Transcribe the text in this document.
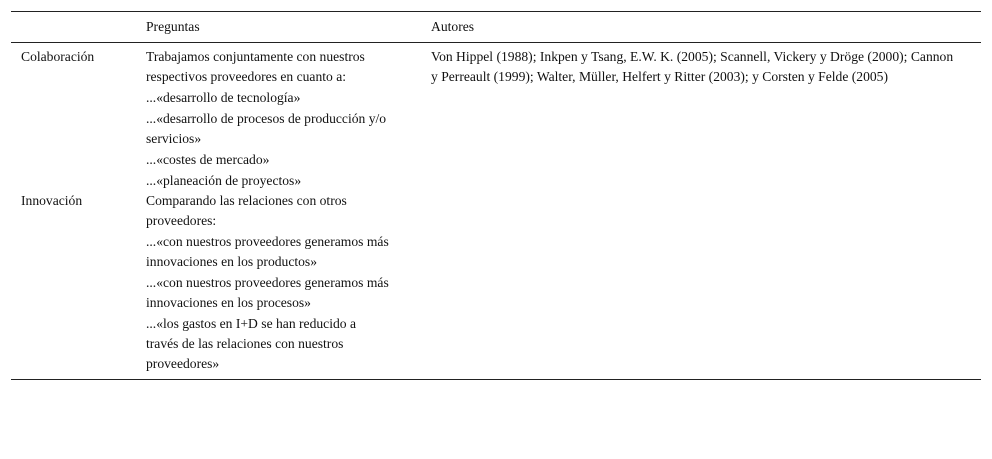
	Preguntas	Autores
Colaboración	Trabajamos conjuntamente con nuestros respectivos proveedores en cuanto a:
...«desarrollo de tecnología»
...«desarrollo de procesos de producción y/o servicios»
...«costes de mercado»
...«planeación de proyectos»	Von Hippel (1988); Inkpen y Tsang, E.W. K. (2005); Scannell, Vickery y Dröge (2000); Cannon y Perreault (1999); Walter, Müller, Helfert y Ritter (2003); y Corsten y Felde (2005)
Innovación	Comparando las relaciones con otros proveedores:
...«con nuestros proveedores generamos más innovaciones en los productos»
...«con nuestros proveedores generamos más innovaciones en los procesos»
...«los gastos en I+D se han reducido a través de las relaciones con nuestros proveedores»	
